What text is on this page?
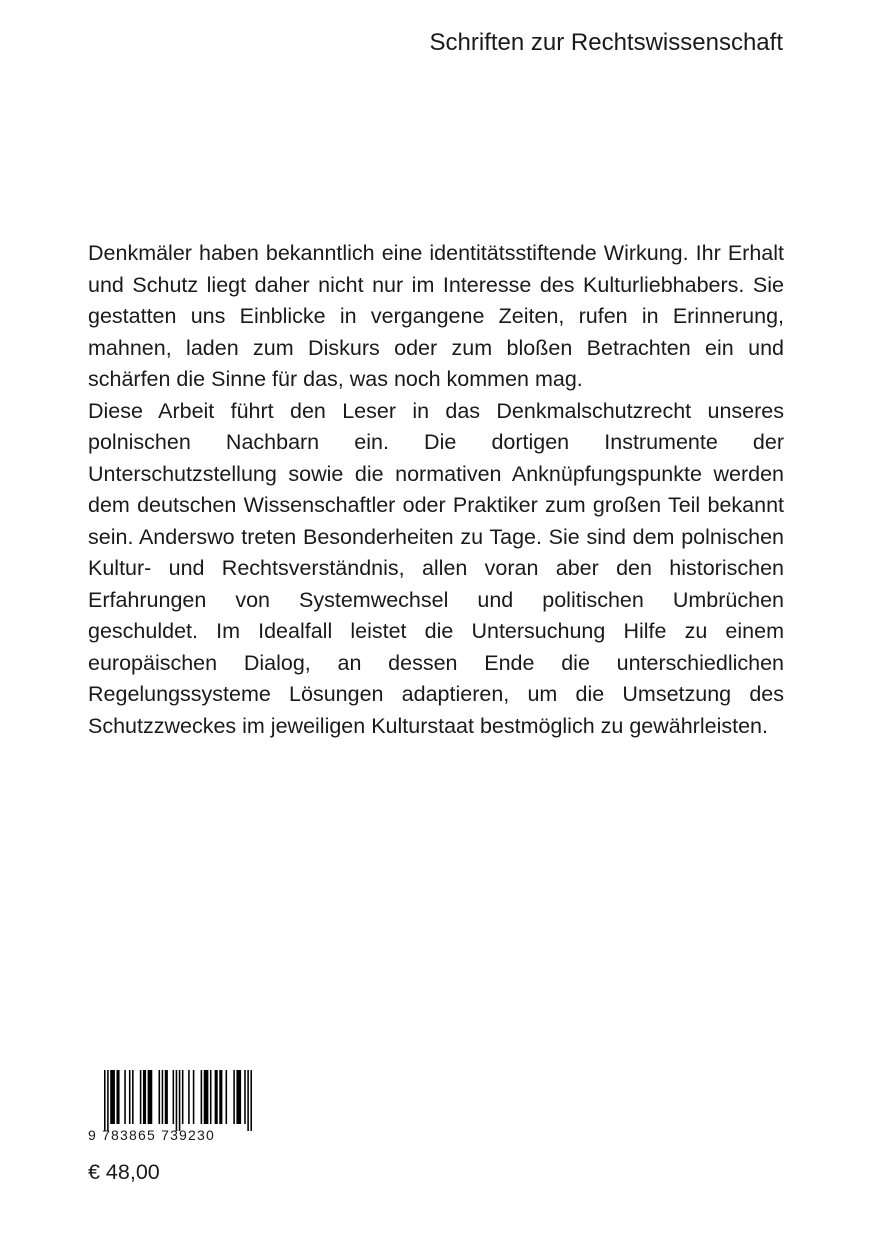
Schriften zur Rechtswissenschaft

Denkmäler haben bekanntlich eine identitätsstiftende Wirkung. Ihr Erhalt und Schutz liegt daher nicht nur im Interesse des Kulturliebhabers. Sie gestatten uns Einblicke in vergangene Zeiten, rufen in Erinnerung, mahnen, laden zum Diskurs oder zum bloßen Betrachten ein und schärfen die Sinne für das, was noch kommen mag.

Diese Arbeit führt den Leser in das Denkmalschutzrecht unseres polnischen Nachbarn ein. Die dortigen Instrumente der Unterschutzstellung sowie die normativen Anknüpfungspunkte werden dem deutschen Wissenschaftler oder Praktiker zum großen Teil bekannt sein. Anderswo treten Besonderheiten zu Tage. Sie sind dem polnischen Kultur- und Rechtsverständnis, allen voran aber den historischen Erfahrungen von Systemwechsel und politischen Umbrüchen geschuldet. Im Idealfall leistet die Untersuchung Hilfe zu einem europäischen Dialog, an dessen Ende die unterschiedlichen Regelungssysteme Lösungen adaptieren, um die Umsetzung des Schutzzweckes im jeweiligen Kulturstaat bestmöglich zu gewährleisten.

9 783865 739230
€ 48,00
